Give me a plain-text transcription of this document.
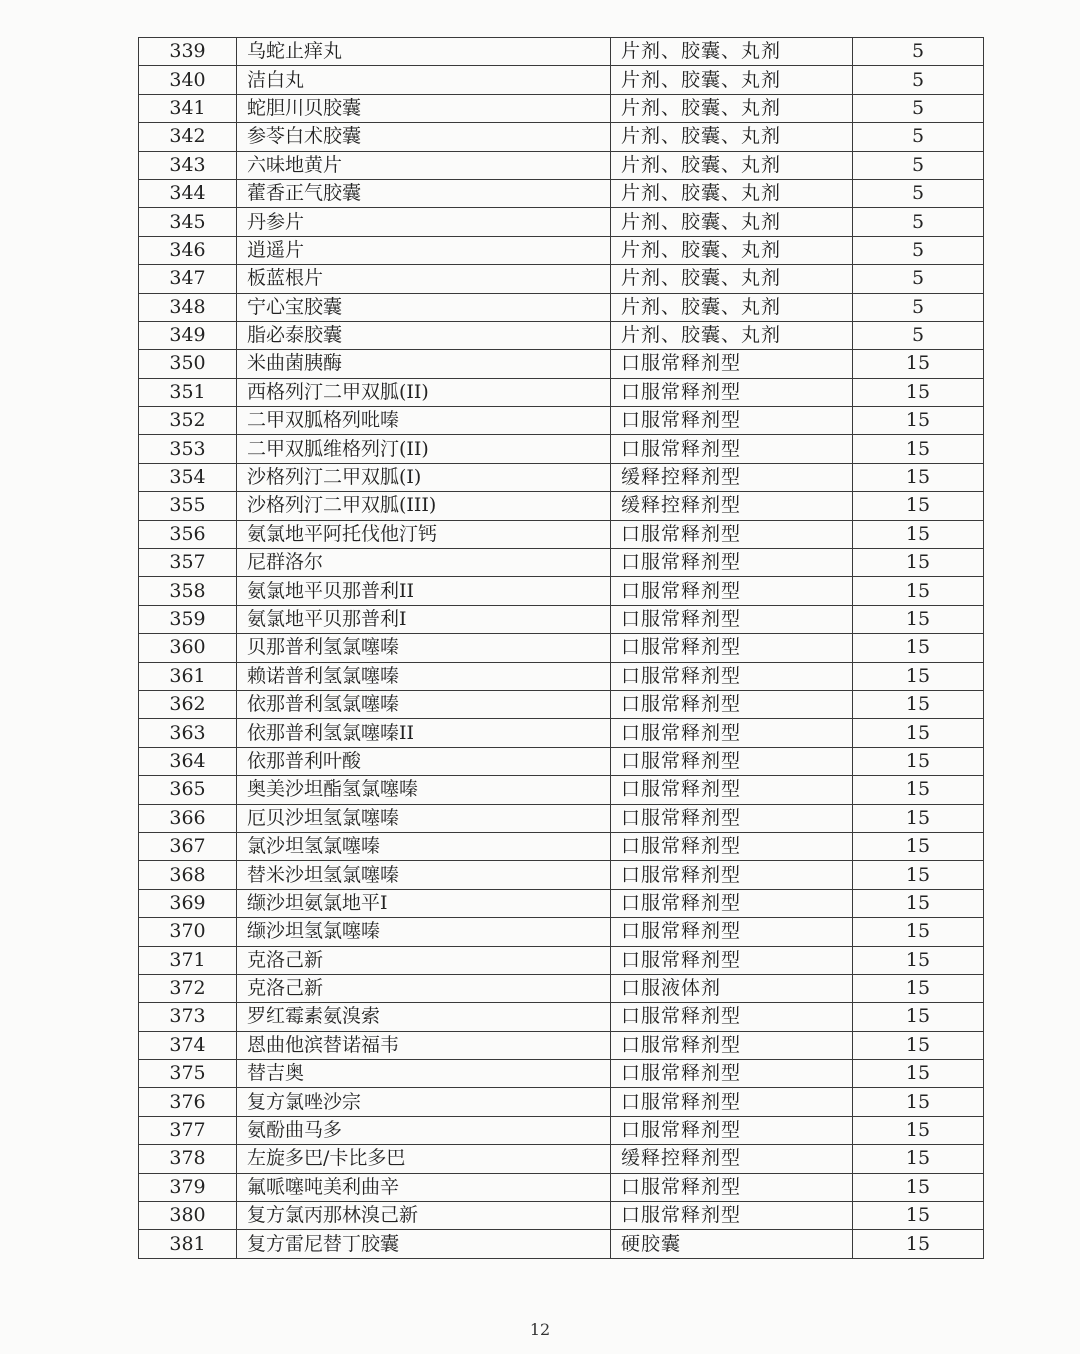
339	乌蛇止痒丸	片剂、胶囊、丸剂	5
340	洁白丸	片剂、胶囊、丸剂	5
341	蛇胆川贝胶囊	片剂、胶囊、丸剂	5
342	参苓白术胶囊	片剂、胶囊、丸剂	5
343	六味地黄片	片剂、胶囊、丸剂	5
344	藿香正气胶囊	片剂、胶囊、丸剂	5
345	丹参片	片剂、胶囊、丸剂	5
346	逍遥片	片剂、胶囊、丸剂	5
347	板蓝根片	片剂、胶囊、丸剂	5
348	宁心宝胶囊	片剂、胶囊、丸剂	5
349	脂必泰胶囊	片剂、胶囊、丸剂	5
350	米曲菌胰酶	口服常释剂型	15
351	西格列汀二甲双胍(II)	口服常释剂型	15
352	二甲双胍格列吡嗪	口服常释剂型	15
353	二甲双胍维格列汀(II)	口服常释剂型	15
354	沙格列汀二甲双胍(I)	缓释控释剂型	15
355	沙格列汀二甲双胍(III)	缓释控释剂型	15
356	氨氯地平阿托伐他汀钙	口服常释剂型	15
357	尼群洛尔	口服常释剂型	15
358	氨氯地平贝那普利II	口服常释剂型	15
359	氨氯地平贝那普利I	口服常释剂型	15
360	贝那普利氢氯噻嗪	口服常释剂型	15
361	赖诺普利氢氯噻嗪	口服常释剂型	15
362	依那普利氢氯噻嗪	口服常释剂型	15
363	依那普利氢氯噻嗪II	口服常释剂型	15
364	依那普利叶酸	口服常释剂型	15
365	奥美沙坦酯氢氯噻嗪	口服常释剂型	15
366	厄贝沙坦氢氯噻嗪	口服常释剂型	15
367	氯沙坦氢氯噻嗪	口服常释剂型	15
368	替米沙坦氢氯噻嗪	口服常释剂型	15
369	缬沙坦氨氯地平I	口服常释剂型	15
370	缬沙坦氢氯噻嗪	口服常释剂型	15
371	克洛己新	口服常释剂型	15
372	克洛己新	口服液体剂	15
373	罗红霉素氨溴索	口服常释剂型	15
374	恩曲他滨替诺福韦	口服常释剂型	15
375	替吉奥	口服常释剂型	15
376	复方氯唑沙宗	口服常释剂型	15
377	氨酚曲马多	口服常释剂型	15
378	左旋多巴/卡比多巴	缓释控释剂型	15
379	氟哌噻吨美利曲辛	口服常释剂型	15
380	复方氯丙那林溴己新	口服常释剂型	15
381	复方雷尼替丁胶囊	硬胶囊	15
12
